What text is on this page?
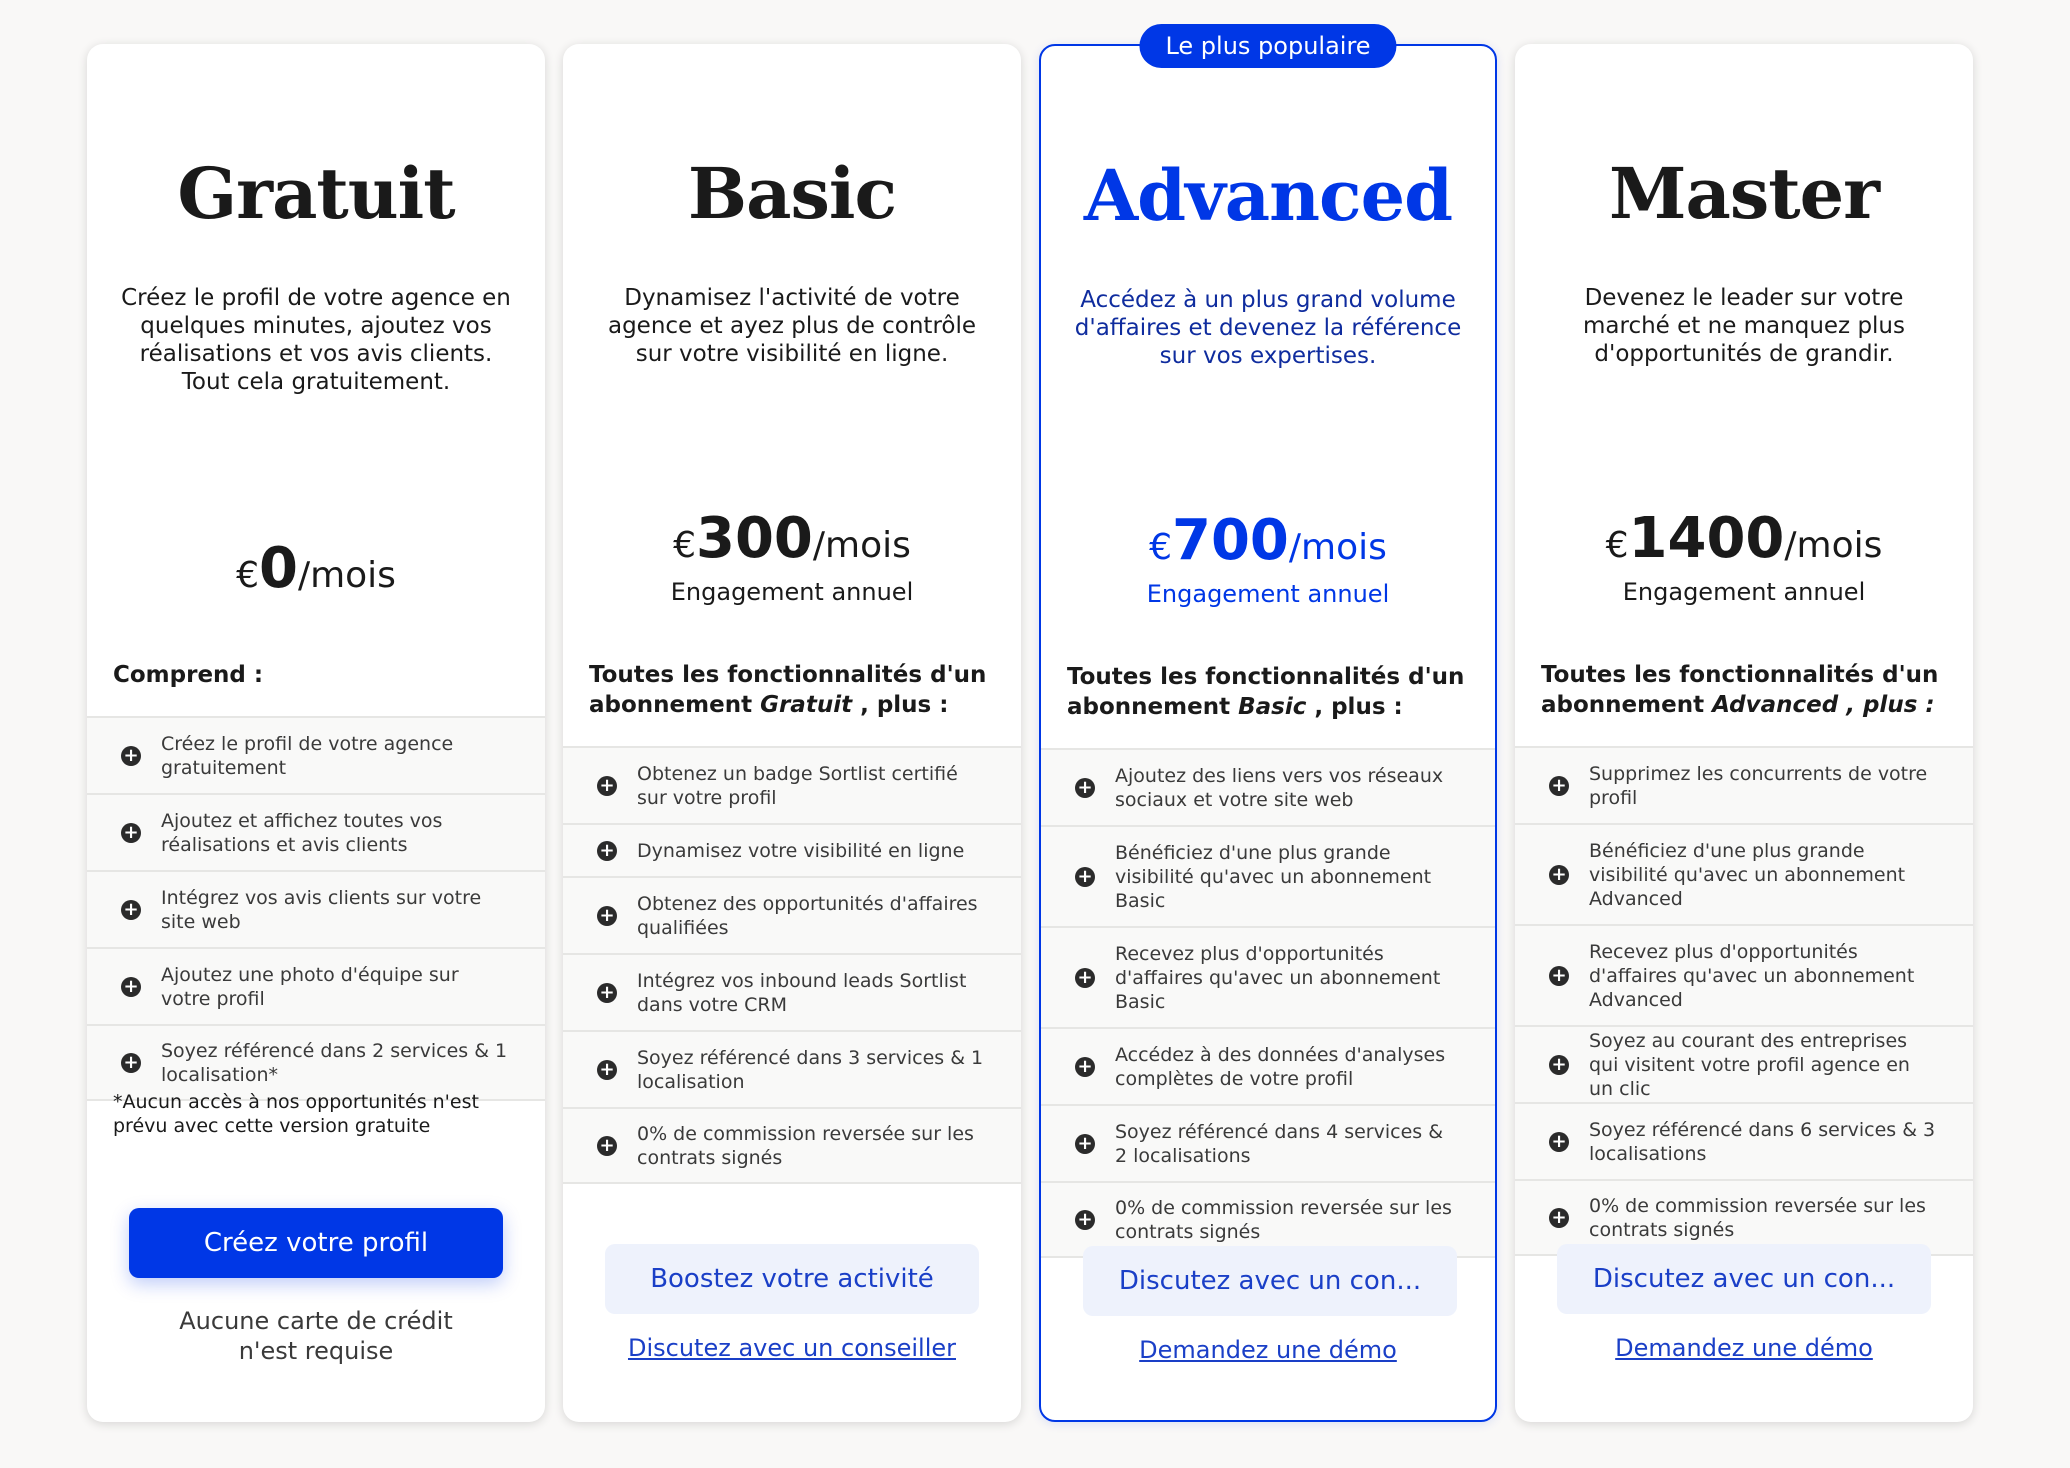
Gratuit
Créez le profil de votre agence en quelques minutes, ajoutez vos réalisations et vos avis clients. Tout cela gratuitement.
€0/mois
Comprend :
+
Créez le profil de votre agence gratuitement
+
Ajoutez et affichez toutes vos réalisations et avis clients
+
Intégrez vos avis clients sur votre site web
+
Ajoutez une photo d'équipe sur votre profil
+
Soyez référencé dans 2 services & 1 localisation*
*Aucun accès à nos opportunités n'est prévu avec cette version gratuite
Créez votre profil
Aucune carte de crédit n'est requise
Basic
Dynamisez l'activité de votre agence et ayez plus de contrôle sur votre visibilité en ligne.
€300/mois
Engagement annuel
Toutes les fonctionnalités d'un abonnement Gratuit , plus :
+
Obtenez un badge Sortlist certifié sur votre profil
+ Dynamisez votre visibilité en ligne
+
Obtenez des opportunités d'affaires qualifiées
+
Intégrez vos inbound leads Sortlist dans votre CRM
+
Soyez référencé dans 3 services & 1 localisation
+
0% de commission reversée sur les contrats signés
Boostez votre activité
Discutez avec un conseiller
Le plus populaire
Advanced
Accédez à un plus grand volume d'affaires et devenez la référence sur vos expertises.
€700/mois
Engagement annuel
Toutes les fonctionnalités d'un abonnement Basic , plus :
+
Ajoutez des liens vers vos réseaux sociaux et votre site web
+
Bénéficiez d'une plus grande visibilité qu'avec un abonnement Basic
+
Recevez plus d'opportunités d'affaires qu'avec un abonnement Basic
+
Accédez à des données d'analyses complètes de votre profil
+
Soyez référencé dans 4 services & 2 localisations
+
0% de commission reversée sur les contrats signés
Discutez avec un con...
Demandez une démo
Master
Devenez le leader sur votre marché et ne manquez plus d'opportunités de grandir.
€1400/mois
Engagement annuel
Toutes les fonctionnalités d'un abonnement Advanced , plus :
+
Supprimez les concurrents de votre profil
+
Bénéficiez d'une plus grande visibilité qu'avec un abonnement Advanced
+
Recevez plus d'opportunités d'affaires qu'avec un abonnement Advanced
+
Soyez au courant des entreprises qui visitent votre profil agence en un clic
+
Soyez référencé dans 6 services & 3 localisations
+
0% de commission reversée sur les contrats signés
Discutez avec un con...
Demandez une démo
